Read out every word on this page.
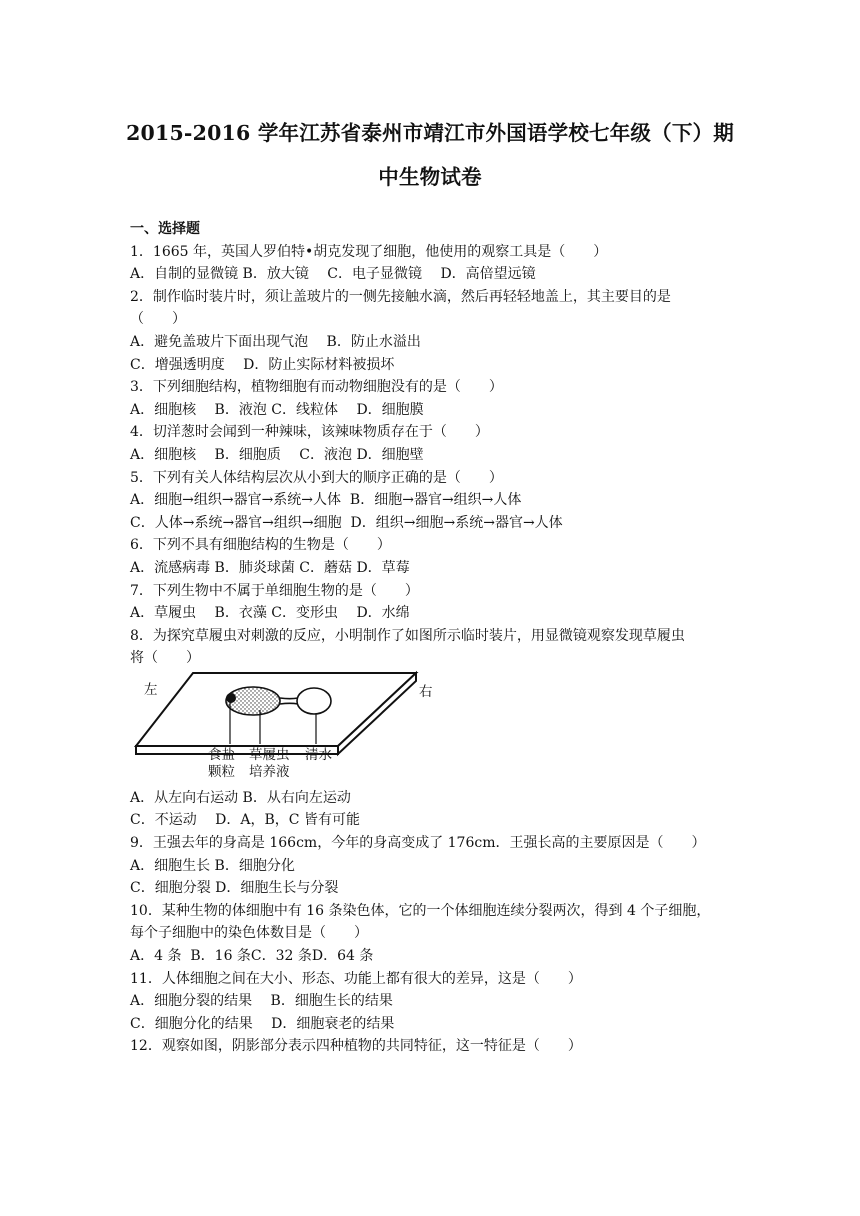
2015-2016 学年江苏省泰州市靖江市外国语学校七年级（下）期
中生物试卷
一、选择题
1．1665 年，英国人罗伯特•胡克发现了细胞，他使用的观察工具是（　　）
A．自制的显微镜 B．放大镜　 C．电子显微镜　 D．高倍望远镜
2．制作临时装片时，须让盖玻片的一侧先接触水滴，然后再轻轻地盖上，其主要目的是
（　　）
A．避免盖玻片下面出现气泡　 B．防止水溢出
C．增强透明度　 D．防止实际材料被损坏
3．下列细胞结构，植物细胞有而动物细胞没有的是（　　）
A．细胞核　 B．液泡 C．线粒体　 D．细胞膜
4．切洋葱时会闻到一种辣味，该辣味物质存在于（　　）
A．细胞核　 B．细胞质　 C．液泡 D．细胞壁
5．下列有关人体结构层次从小到大的顺序正确的是（　　）
A．细胞→组织→器官→系统→人体  B．细胞→器官→组织→人体
C．人体→系统→器官→组织→细胞  D．组织→细胞→系统→器官→人体
6．下列不具有细胞结构的生物是（　　）
A．流感病毒 B．肺炎球菌 C．蘑菇 D．草莓
7．下列生物中不属于单细胞生物的是（　　）
A．草履虫　 B．衣藻 C．变形虫　 D．水绵
8．为探究草履虫对刺激的反应，小明制作了如图所示临时装片，用显微镜观察发现草履虫
将（　　）
左	右
食盐
颗粒
草履虫
培养液
清水
A．从左向右运动 B．从右向左运动
C．不运动　 D．A，B，C 皆有可能
9．王强去年的身高是 166cm，今年的身高变成了 176cm．王强长高的主要原因是（　　）
A．细胞生长 B．细胞分化
C．细胞分裂 D．细胞生长与分裂
10．某种生物的体细胞中有 16 条染色体，它的一个体细胞连续分裂两次，得到 4 个子细胞，
每个子细胞中的染色体数目是（　　）
A．4 条  B．16 条C．32 条D．64 条
11．人体细胞之间在大小、形态、功能上都有很大的差异，这是（　　）
A．细胞分裂的结果　 B．细胞生长的结果
C．细胞分化的结果　 D．细胞衰老的结果
12．观察如图，阴影部分表示四种植物的共同特征，这一特征是（　　）
